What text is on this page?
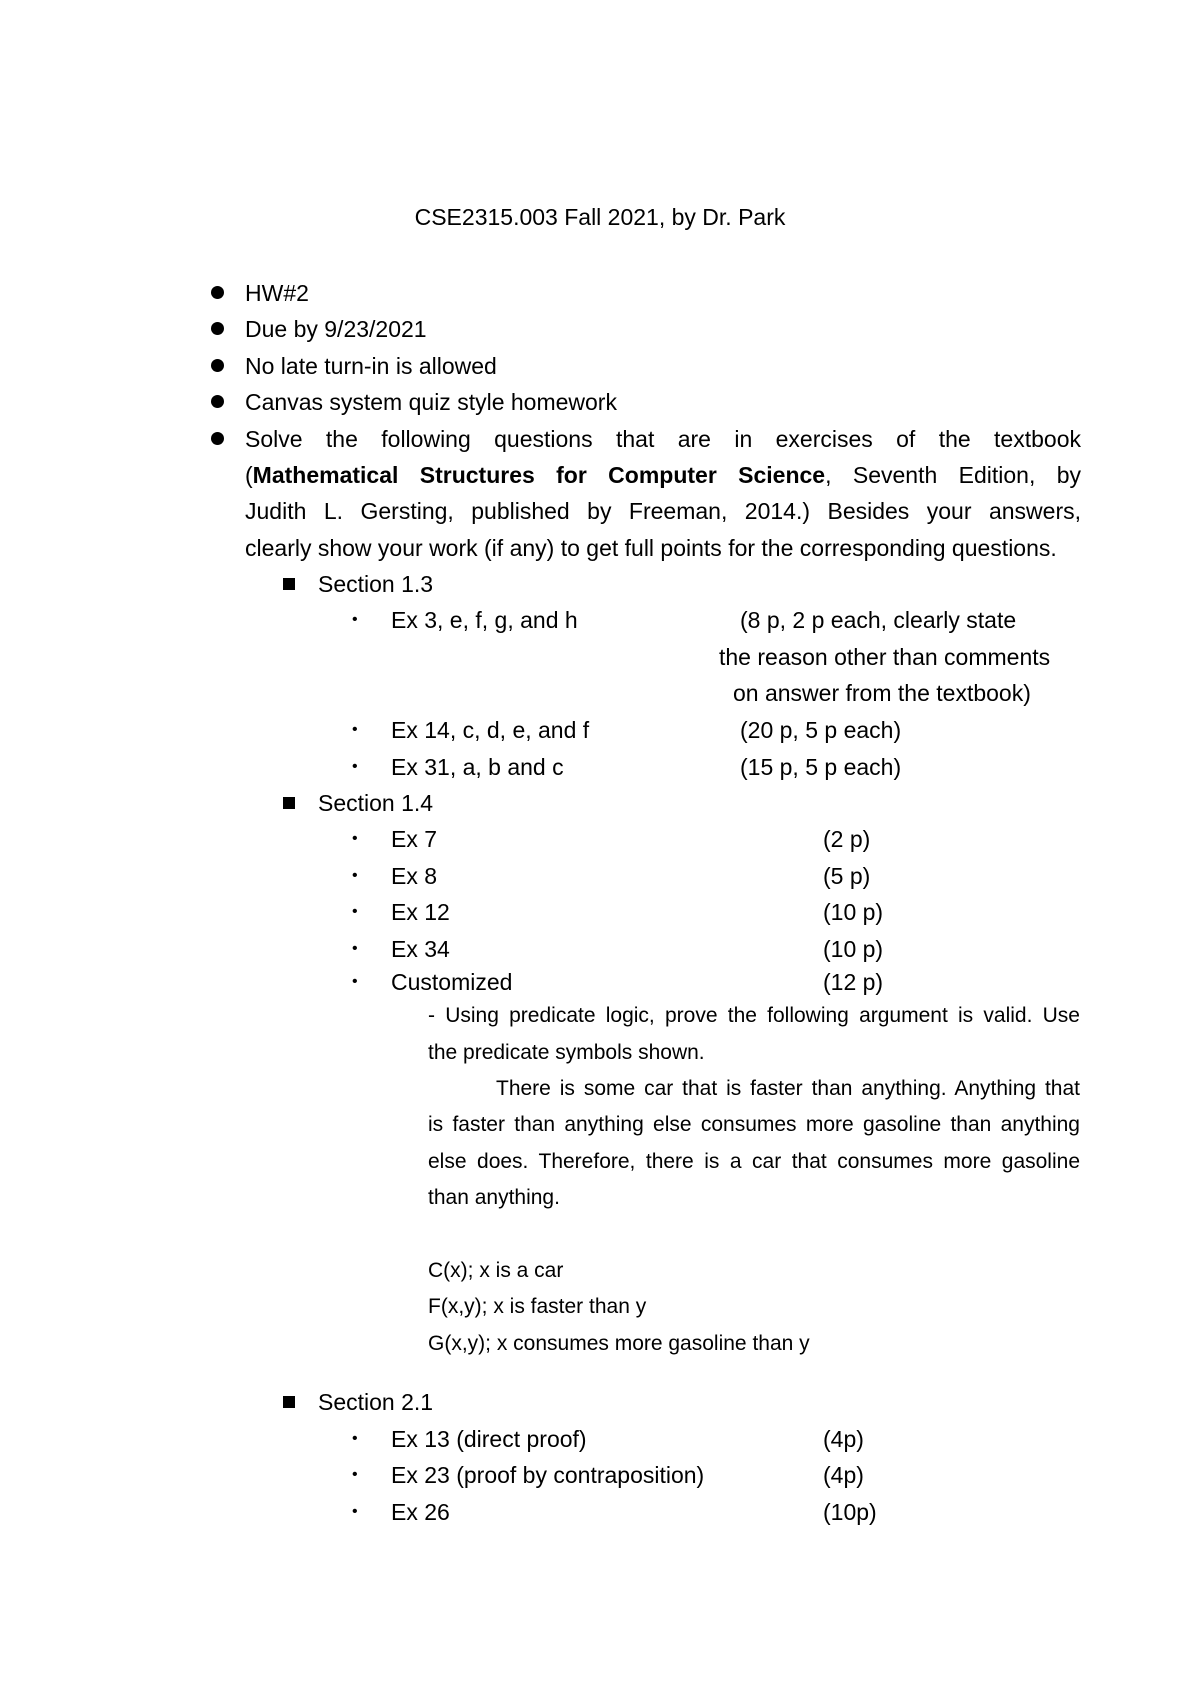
CSE2315.003 Fall 2021, by Dr. Park
HW#2
Due by 9/23/2021
No late turn-in is allowed
Canvas system quiz style homework
Solve the following questions that are in exercises of the textbook
(Mathematical Structures for Computer Science, Seventh Edition, by
Judith L. Gersting, published by Freeman, 2014.) Besides your answers,
clearly show your work (if any) to get full points for the corresponding questions.
Section 1.3
• Ex 3, e, f, g, and h	(8 p, 2 p each, clearly state
the reason other than comments
on answer from the textbook)
• Ex 14, c, d, e, and f	(20 p, 5 p each)
• Ex 31, a, b and c	(15 p, 5 p each)
Section 1.4
• Ex 7	(2 p)
• Ex 8	(5 p)
• Ex 12	(10 p)
• Ex 34	(10 p)
• Customized	(12 p)
- Using predicate logic, prove the following argument is valid. Use
the predicate symbols shown.
There is some car that is faster than anything. Anything that
is faster than anything else consumes more gasoline than anything
else does. Therefore, there is a car that consumes more gasoline
than anything.
C(x); x is a car
F(x,y); x is faster than y
G(x,y); x consumes more gasoline than y
Section 2.1
• Ex 13 (direct proof)	(4p)
• Ex 23 (proof by contraposition)	(4p)
• Ex 26	(10p)
